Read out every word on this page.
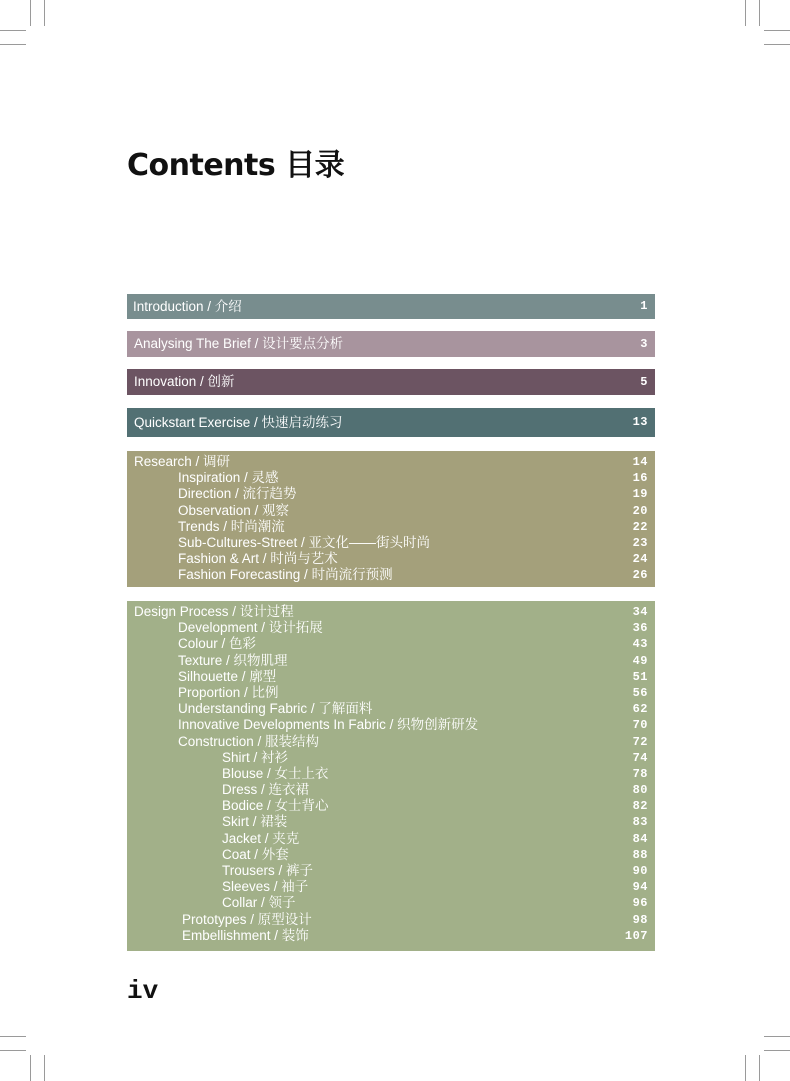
Contents 目录
Introduction / 介绍	1
Analysing The Brief / 设计要点分析	3
Innovation / 创新	5
Quickstart Exercise / 快速启动练习	13
Research / 调研	14
Inspiration / 灵感	16
Direction / 流行趋势	19
Observation / 观察	20
Trends / 时尚潮流	22
Sub-Cultures-Street / 亚文化——街头时尚	23
Fashion & Art / 时尚与艺术	24
Fashion Forecasting / 时尚流行预测	26
Design Process / 设计过程	34
Development / 设计拓展	36
Colour / 色彩	43
Texture / 织物肌理	49
Silhouette / 廓型	51
Proportion / 比例	56
Understanding Fabric / 了解面料	62
Innovative Developments In Fabric / 织物创新研发	70
Construction / 服装结构	72
Shirt / 衬衫	74
Blouse / 女士上衣	78
Dress / 连衣裙	80
Bodice / 女士背心	82
Skirt / 裙装	83
Jacket / 夹克	84
Coat / 外套	88
Trousers / 裤子	90
Sleeves / 袖子	94
Collar / 领子	96
Prototypes / 原型设计	98
Embellishment / 装饰	107
iv
